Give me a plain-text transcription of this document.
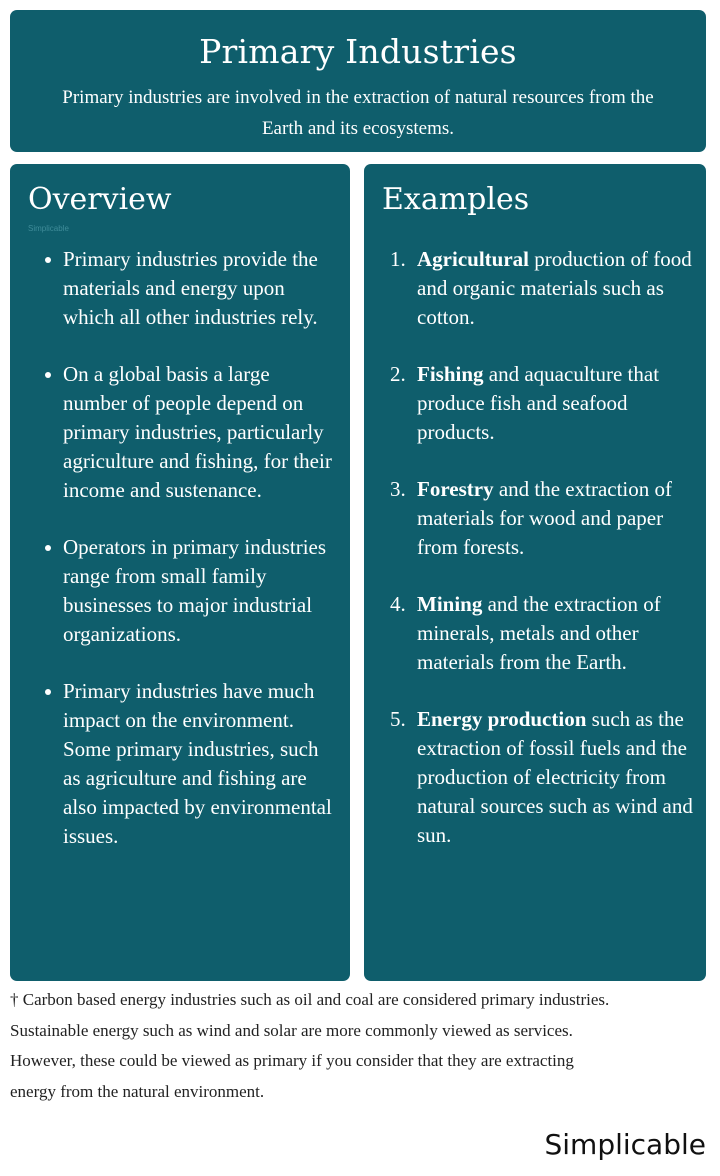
Primary Industries
Primary industries are involved in the extraction of natural resources from the Earth and its ecosystems.
Overview
Simplicable
Primary industries provide the materials and energy upon which all other industries rely.
On a global basis a large number of people depend on primary industries, particularly agriculture and fishing, for their income and sustenance.
Operators in primary industries range from small family businesses to major industrial organizations.
Primary industries have much impact on the environment. Some primary industries, such as agriculture and fishing are also impacted by environmental issues.
Examples
1. Agricultural production of food and organic materials such as cotton.
2. Fishing and aquaculture that produce fish and seafood products.
3. Forestry and the extraction of materials for wood and paper from forests.
4. Mining and the extraction of minerals, metals and other materials from the Earth.
5. Energy production such as the extraction of fossil fuels and the production of electricity from natural sources such as wind and sun.
† Carbon based energy industries such as oil and coal are considered primary industries. Sustainable energy such as wind and solar are more commonly viewed as services. However, these could be viewed as primary if you consider that they are extracting energy from the natural environment.
Simplicable
